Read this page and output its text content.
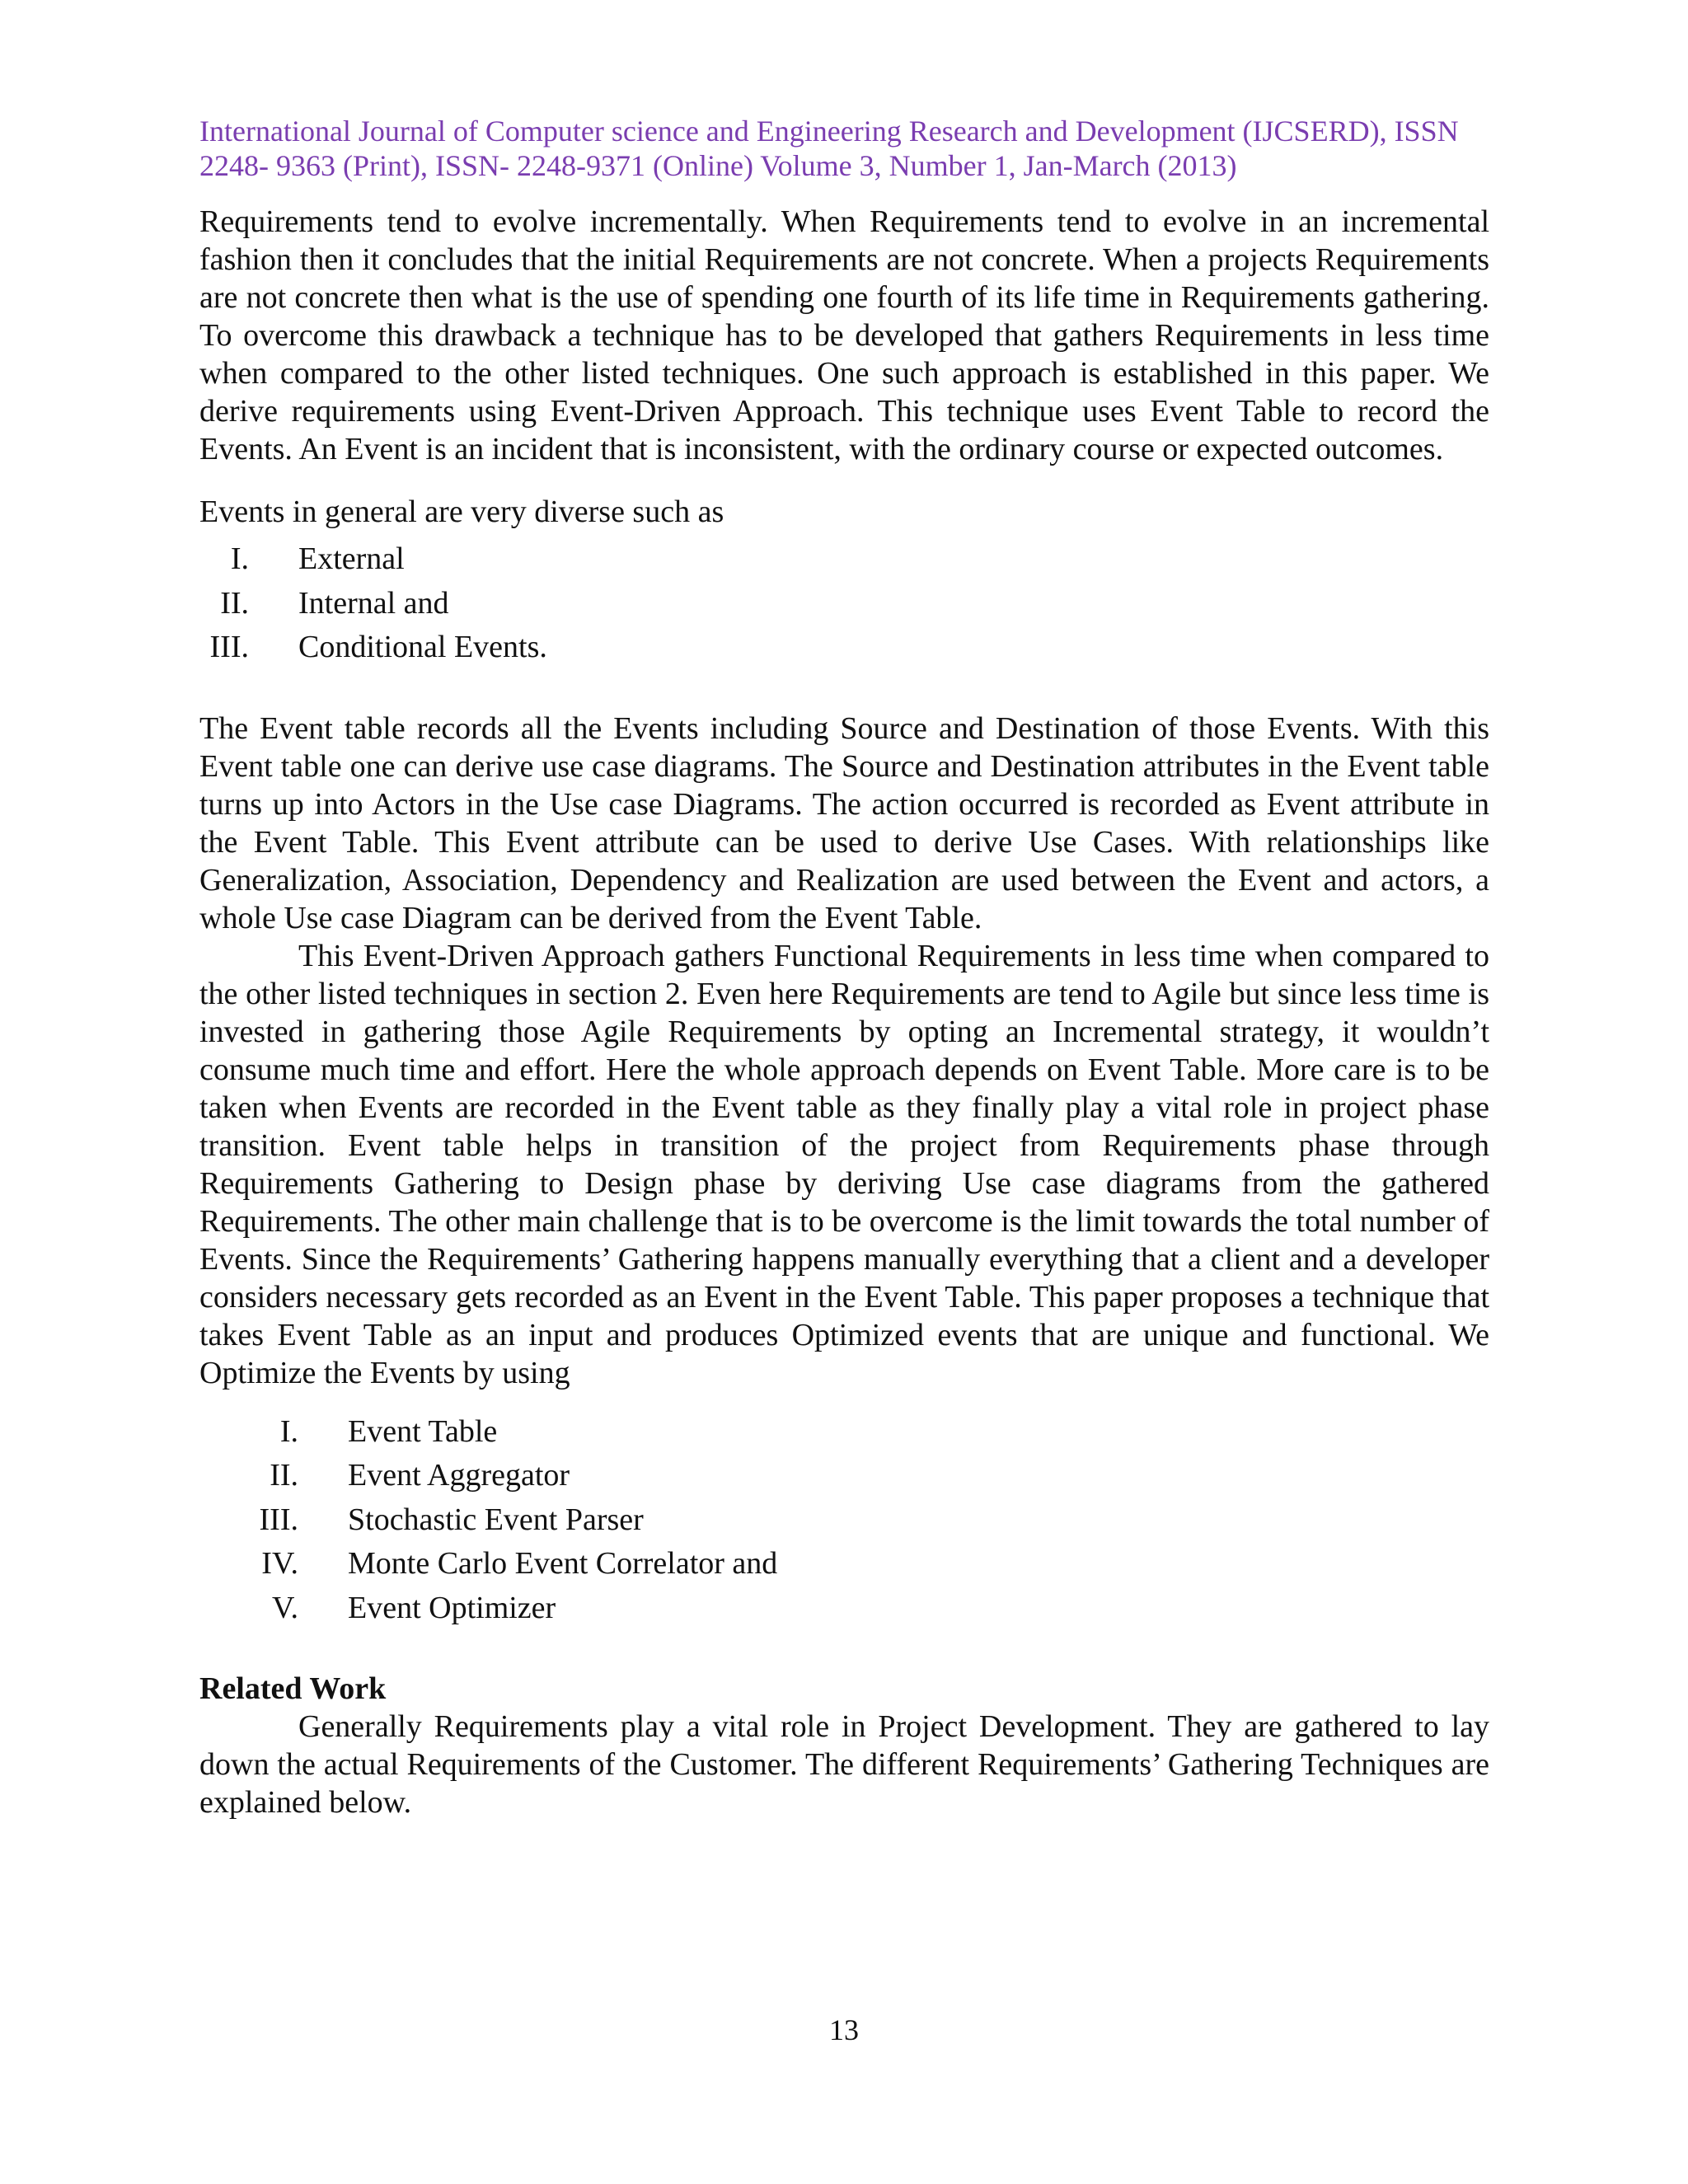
International Journal of Computer science and Engineering Research and Development (IJCSERD), ISSN
2248- 9363 (Print), ISSN- 2248-9371 (Online) Volume 3, Number 1, Jan-March (2013)

Requirements tend to evolve incrementally. When Requirements tend to evolve in an incremental fashion then it concludes that the initial Requirements are not concrete. When a projects Requirements are not concrete then what is the use of spending one fourth of its life time in Requirements gathering. To overcome this drawback a technique has to be developed that gathers Requirements in less time when compared to the other listed techniques. One such approach is established in this paper. We derive requirements using Event-Driven Approach. This technique uses Event Table to record the Events. An Event is an incident that is inconsistent, with the ordinary course or expected outcomes.

Events in general are very diverse such as

I. External
II. Internal and
III. Conditional Events.

The Event table records all the Events including Source and Destination of those Events. With this Event table one can derive use case diagrams. The Source and Destination attributes in the Event table turns up into Actors in the Use case Diagrams. The action occurred is recorded as Event attribute in the Event Table. This Event attribute can be used to derive Use Cases. With relationships like Generalization, Association, Dependency and Realization are used between the Event and actors, a whole Use case Diagram can be derived from the Event Table.

This Event-Driven Approach gathers Functional Requirements in less time when compared to the other listed techniques in section 2. Even here Requirements are tend to Agile but since less time is invested in gathering those Agile Requirements by opting an Incremental strategy, it wouldn’t consume much time and effort. Here the whole approach depends on Event Table. More care is to be taken when Events are recorded in the Event table as they finally play a vital role in project phase transition. Event table helps in transition of the project from Requirements phase through Requirements Gathering to Design phase by deriving Use case diagrams from the gathered Requirements. The other main challenge that is to be overcome is the limit towards the total number of Events. Since the Requirements’ Gathering happens manually everything that a client and a developer considers necessary gets recorded as an Event in the Event Table. This paper proposes a technique that takes Event Table as an input and produces Optimized events that are unique and functional. We Optimize the Events by using

I. Event Table
II. Event Aggregator
III. Stochastic Event Parser
IV. Monte Carlo Event Correlator and
V. Event Optimizer
Related Work

Generally Requirements play a vital role in Project Development. They are gathered to lay down the actual Requirements of the Customer. The different Requirements’ Gathering Techniques are explained below.

13
